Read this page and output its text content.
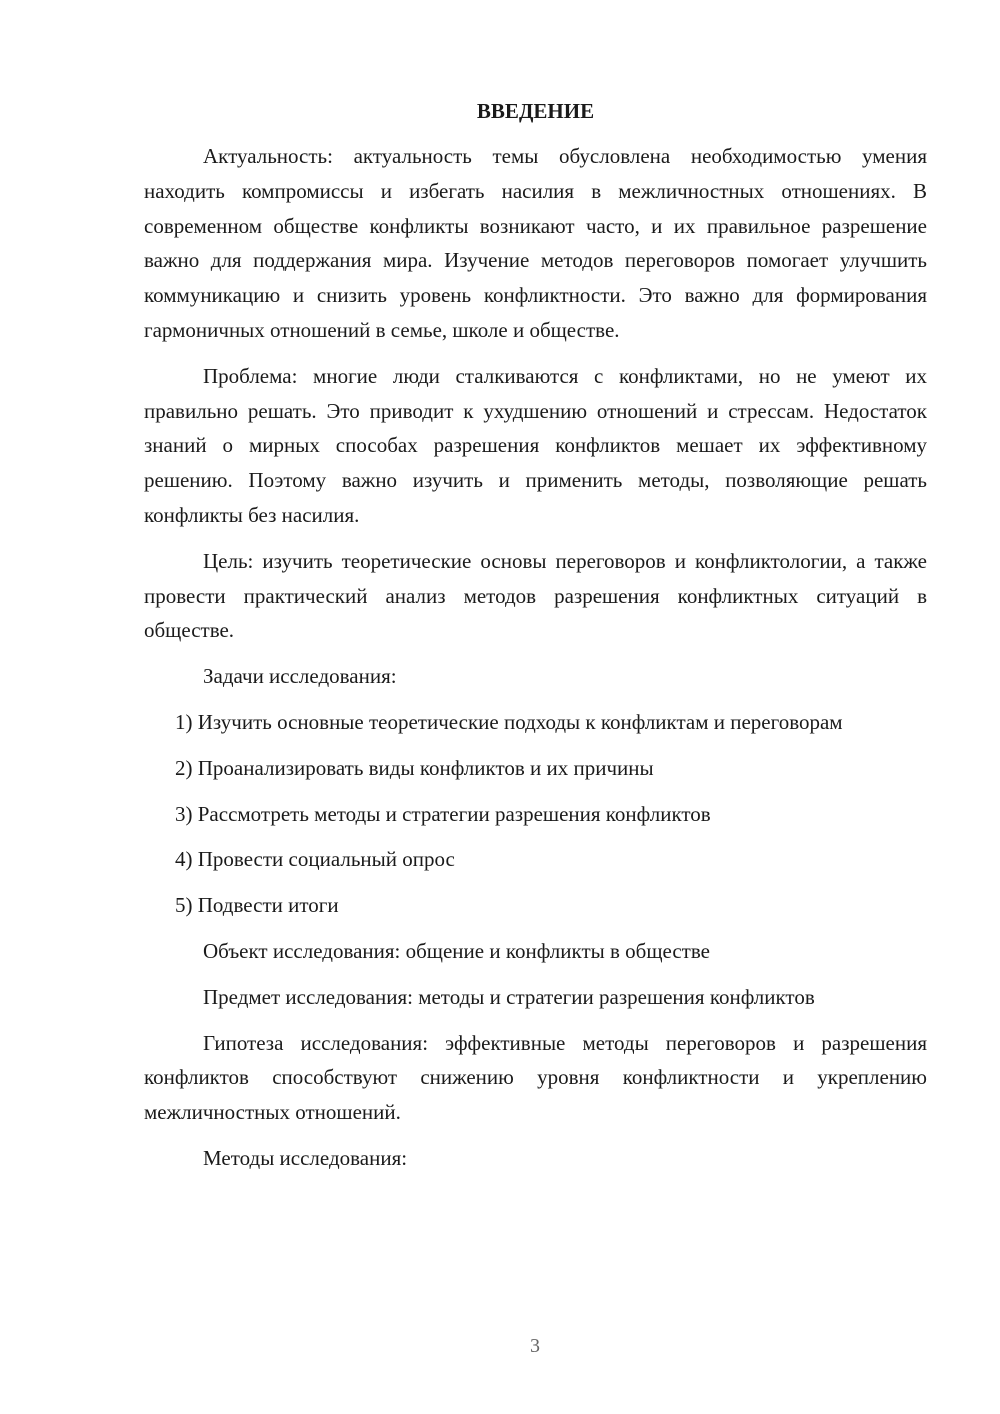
ВВЕДЕНИЕ

Актуальность: актуальность темы обусловлена необходимостью умения находить компромиссы и избегать насилия в межличностных отношениях. В современном обществе конфликты возникают часто, и их правильное разрешение важно для поддержания мира. Изучение методов переговоров помогает улучшить коммуникацию и снизить уровень конфликтности. Это важно для формирования гармоничных отношений в семье, школе и обществе.

Проблема: многие люди сталкиваются с конфликтами, но не умеют их правильно решать. Это приводит к ухудшению отношений и стрессам. Недостаток знаний о мирных способах разрешения конфликтов мешает их эффективному решению. Поэтому важно изучить и применить методы, позволяющие решать конфликты без насилия.

Цель: изучить теоретические основы переговоров и конфликтологии, а также провести практический анализ методов разрешения конфликтных ситуаций в обществе.

Задачи исследования:

1) Изучить основные теоретические подходы к конфликтам и переговорам

2) Проанализировать виды конфликтов и их причины

3) Рассмотреть методы и стратегии разрешения конфликтов

4) Провести социальный опрос

5) Подвести итоги

Объект исследования: общение и конфликты в обществе

Предмет исследования: методы и стратегии разрешения конфликтов

Гипотеза исследования: эффективные методы переговоров и разрешения конфликтов способствуют снижению уровня конфликтности и укреплению межличностных отношений.

Методы исследования:

3
